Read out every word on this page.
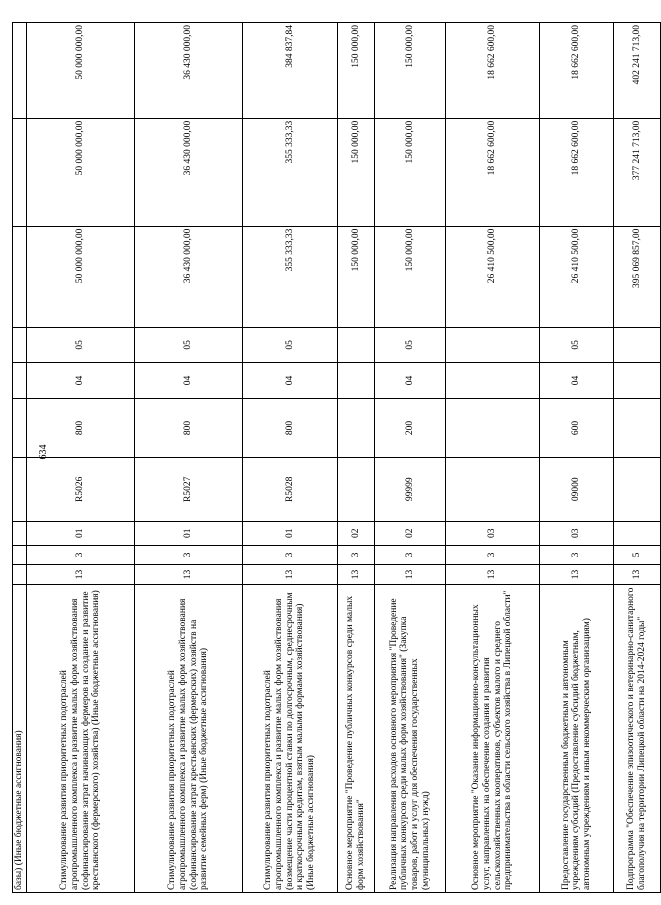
634
базы) (Иные бюджетные ассигнования)										
Стимулирование развития приоритетных подотраслей агропромышленного комплекса и развитие малых форм хозяйствования (софинансирование затрат начинающих фермеров на создание и развитие крестьянского (фермерского) хозяйства) (Иные бюджетные ассигнования)	13	3	01	R5026	800	04	05	50 000 000,00	50 000 000,00	50 000 000,00
Стимулирование развития приоритетных подотраслей агропромышленного комплекса и развитие малых форм хозяйствования (софинансирование затрат крестьянских (фермерских) хозяйств на развитие семейных ферм) (Иные бюджетные ассигнования)	13	3	01	R5027	800	04	05	36 430 000,00	36 430 000,00	36 430 000,00
Стимулирование развития приоритетных подотраслей агропромышленного комплекса и развитие малых форм хозяйствования (возмещение части процентной ставки по долгосрочным, среднесрочным и краткосрочным кредитам, взятым малыми формами хозяйствования) (Иные бюджетные ассигнования)	13	3	01	R5028	800	04	05	355 333,33	355 333,33	384 837,84
Основное мероприятие "Проведение публичных конкурсов среди малых форм хозяйствования"	13	3	02					150 000,00	150 000,00	150 000,00
Реализация направления расходов основного мероприятия "Проведение публичных конкурсов среди малых форм хозяйствования" (Закупка товаров, работ и услуг для обеспечения государственных (муниципальных) нужд)	13	3	02	99999	200	04	05	150 000,00	150 000,00	150 000,00
Основное мероприятие "Оказание информационно-консультационных услуг, направленных на обеспечение создания и развития сельскохозяйственных кооперативов, субъектов малого и среднего предпринимательства в области сельского хозяйства в Липецкой области"	13	3	03					26 410 500,00	18 662 600,00	18 662 600,00
Предоставление государственным бюджетным и автономным учреждениям субсидий (Предоставление субсидий бюджетным, автономным учреждениям и иным некоммерческим организациям)	13	3	03	09000	600	04	05	26 410 500,00	18 662 600,00	18 662 600,00
Подпрограмма "Обеспечение эпизоотического и ветеринарно-санитарного благополучия на территории Липецкой области на 2014-2024 годы"	13	5						395 069 857,00	377 241 713,00	402 241 713,00
